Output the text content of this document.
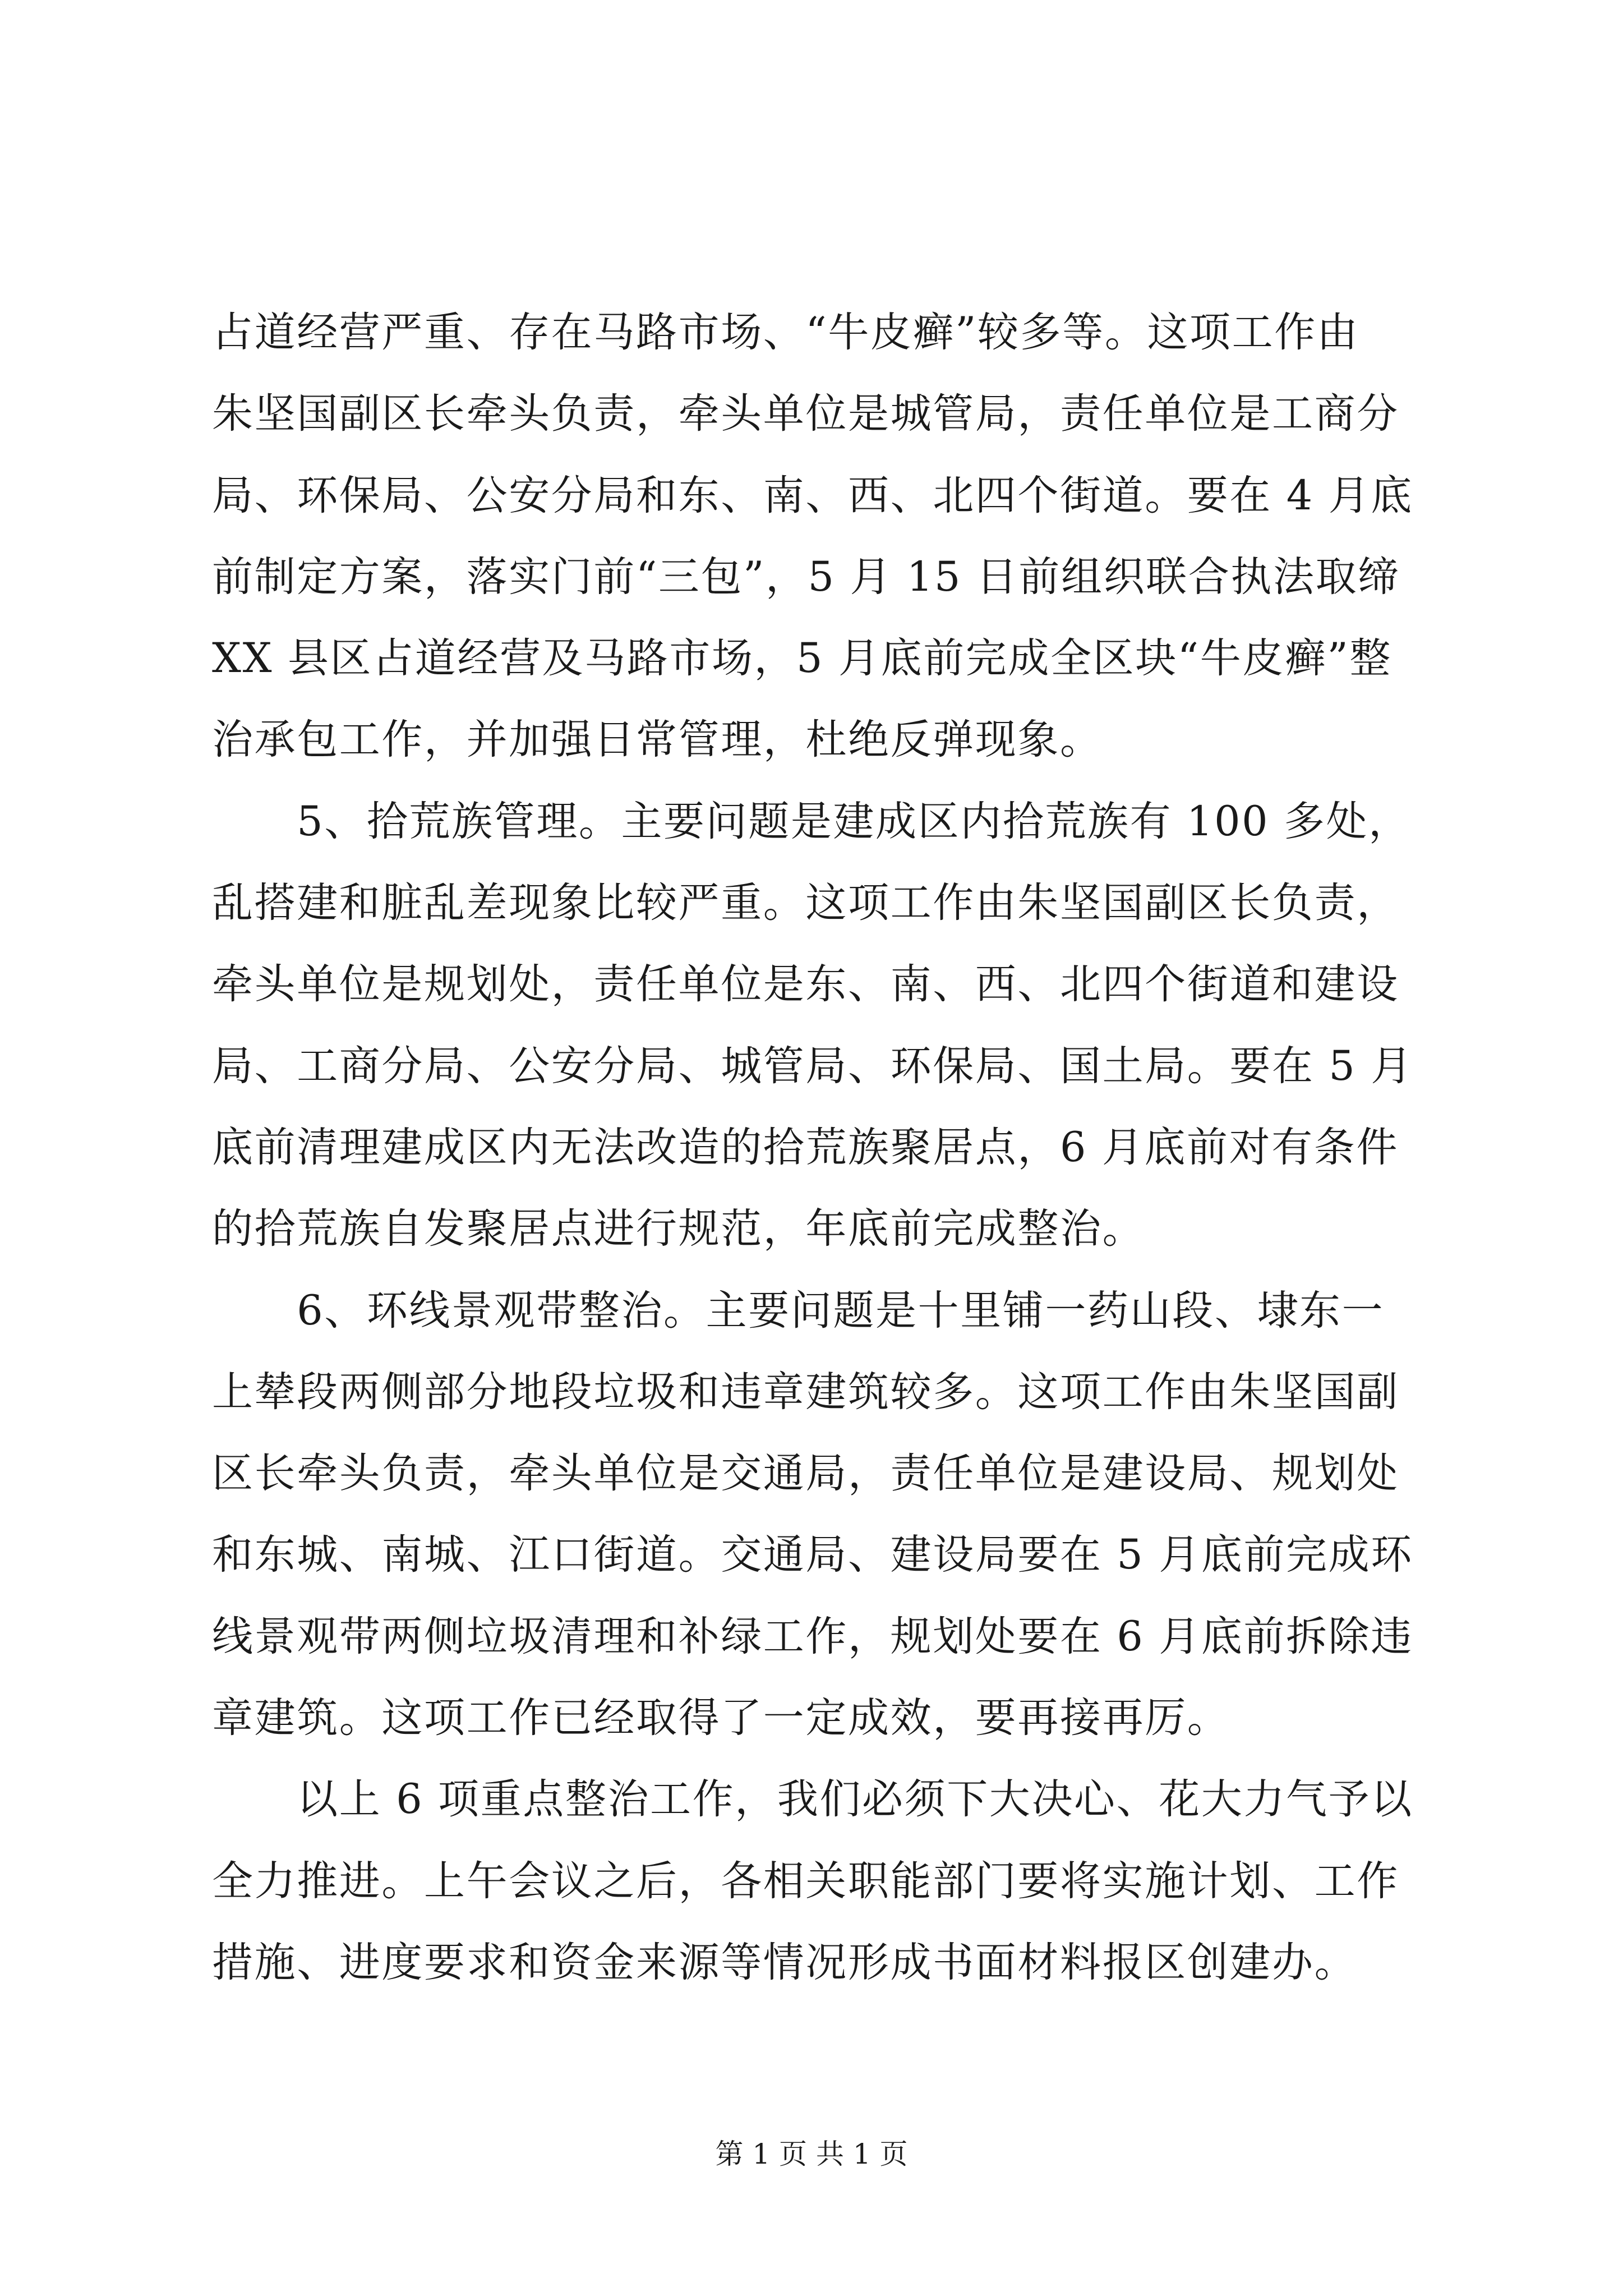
占道经营严重、存在马路市场、“牛皮癣”较多等。这项工作由
朱坚国副区长牵头负责，牵头单位是城管局，责任单位是工商分
局、环保局、公安分局和东、南、西、北四个街道。要在 4 月底
前制定方案，落实门前“三包”，5 月 15 日前组织联合执法取缔
XX 县区占道经营及马路市场，5 月底前完成全区块“牛皮癣”整
治承包工作，并加强日常管理，杜绝反弹现象。
　　5、拾荒族管理。主要问题是建成区内拾荒族有 100 多处，
乱搭建和脏乱差现象比较严重。这项工作由朱坚国副区长负责，
牵头单位是规划处，责任单位是东、南、西、北四个街道和建设
局、工商分局、公安分局、城管局、环保局、国土局。要在 5 月
底前清理建成区内无法改造的拾荒族聚居点，6 月底前对有条件
的拾荒族自发聚居点进行规范，年底前完成整治。
　　6、环线景观带整治。主要问题是十里铺一药山段、埭东一
上辇段两侧部分地段垃圾和违章建筑较多。这项工作由朱坚国副
区长牵头负责，牵头单位是交通局，责任单位是建设局、规划处
和东城、南城、江口街道。交通局、建设局要在 5 月底前完成环
线景观带两侧垃圾清理和补绿工作，规划处要在 6 月底前拆除违
章建筑。这项工作已经取得了一定成效，要再接再厉。
　　以上 6 项重点整治工作，我们必须下大决心、花大力气予以
全力推进。上午会议之后，各相关职能部门要将实施计划、工作
措施、进度要求和资金来源等情况形成书面材料报区创建办。
第 1 页 共 1 页
